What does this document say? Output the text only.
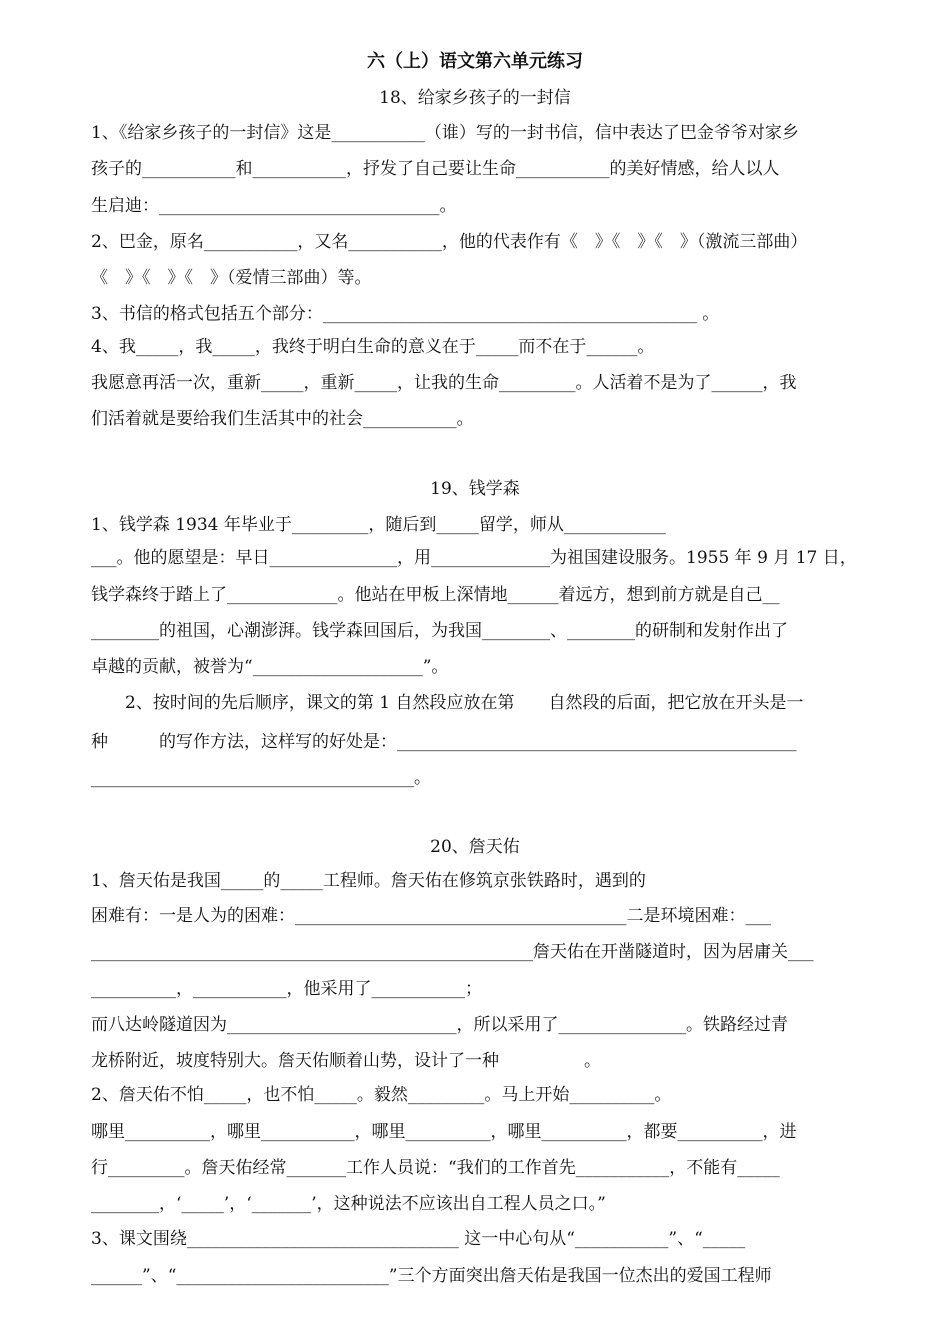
六（上）语文第六单元练习
18、给家乡孩子的一封信
1、《给家乡孩子的一封信》这是___________（谁）写的一封书信，信中表达了巴金爷爷对家乡
孩子的___________和___________，抒发了自己要让生命___________的美好情感，给人以人
生启迪：_________________________________。
2、巴金，原名___________，又名___________，他的代表作有《　》《　》《　》（激流三部曲）
《　》《　》《　》（爱情三部曲）等。
3、书信的格式包括五个部分：____________________________________________ 。
4、我_____，我_____，我终于明白生命的意义在于_____而不在于______。
我愿意再活一次，重新_____，重新_____，让我的生命_________。人活着不是为了______，我
们活着就是要给我们生活其中的社会___________。
19、钱学森
1、钱学森 1934 年毕业于_________，随后到_____留学，师从____________
___。他的愿望是：早日_______________，用______________为祖国建设服务。1955 年 9 月 17 日，
钱学森终于踏上了_____________。他站在甲板上深情地______着远方，想到前方就是自己__
________的祖国，心潮澎湃。钱学森回国后，为我国________、________的研制和发射作出了
卓越的贡献，被誉为“____________________”。
　　2、按时间的先后顺序，课文的第 1 自然段应放在第　　自然段的后面，把它放在开头是一
种　　　的写作方法，这样写的好处是：_______________________________________________
______________________________________。
20、詹天佑
1、詹天佑是我国_____的_____工程师。詹天佑在修筑京张铁路时，遇到的
困难有：一是人为的困难：_______________________________________二是环境困难：___
____________________________________________________詹天佑在开凿隧道时，因为居庸关___
__________，___________，他采用了___________；
而八达岭隧道因为___________________________，所以采用了_______________。铁路经过青
龙桥附近，坡度特别大。詹天佑顺着山势，设计了一种　　　　　。
2、詹天佑不怕_____，也不怕_____。毅然_________。马上开始__________。
哪里__________，哪里___________，哪里__________，哪里__________，都要__________，进
行_________。詹天佑经常_______工作人员说：“我们的工作首先___________，不能有_____
________，‘_____’，‘_______’，这种说法不应该出自工程人员之口。”
3、课文围绕________________________________ 这一中心句从“___________”、“_____
______”、“_________________________”三个方面突出詹天佑是我国一位杰出的爱国工程师
